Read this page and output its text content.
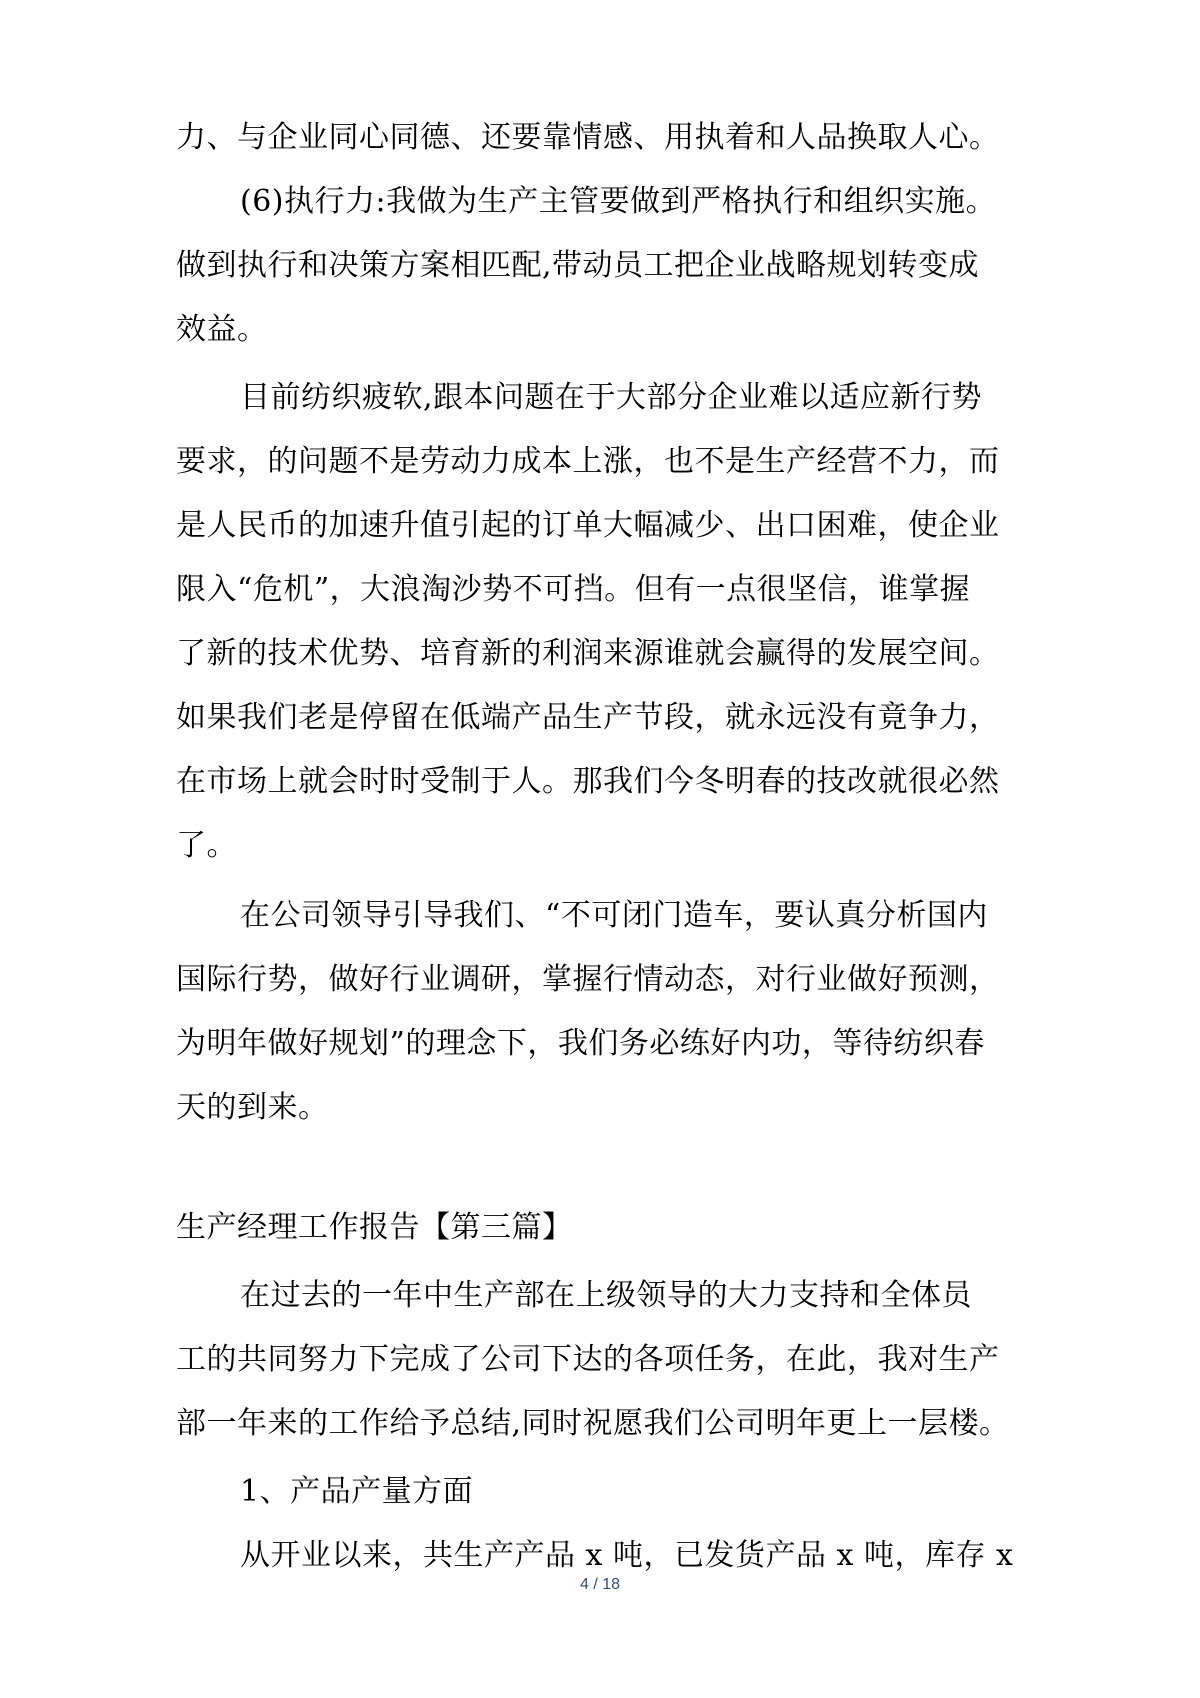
力、与企业同心同德、还要靠情感、用执着和人品换取人心。

(6)执行力:我做为生产主管要做到严格执行和组织实施。

做到执行和决策方案相匹配,带动员工把企业战略规划转变成

效益。

目前纺织疲软,跟本问题在于大部分企业难以适应新行势

要求，的问题不是劳动力成本上涨，也不是生产经营不力，而

是人民币的加速升值引起的订单大幅减少、出口困难，使企业

限入“危机”，大浪淘沙势不可挡。但有一点很坚信，谁掌握

了新的技术优势、培育新的利润来源谁就会赢得的发展空间。

如果我们老是停留在低端产品生产节段，就永远没有竟争力，

在市场上就会时时受制于人。那我们今冬明春的技改就很必然

了。

在公司领导引导我们、“不可闭门造车，要认真分析国内

国际行势，做好行业调研，掌握行情动态，对行业做好预测，

为明年做好规划”的理念下，我们务必练好内功，等待纺织春

天的到来。

生产经理工作报告【第三篇】

在过去的一年中生产部在上级领导的大力支持和全体员

工的共同努力下完成了公司下达的各项任务，在此，我对生产

部一年来的工作给予总结,同时祝愿我们公司明年更上一层楼。

1、产品产量方面

从开业以来，共生产产品 x 吨，已发货产品 x 吨，库存 x

4 / 18
